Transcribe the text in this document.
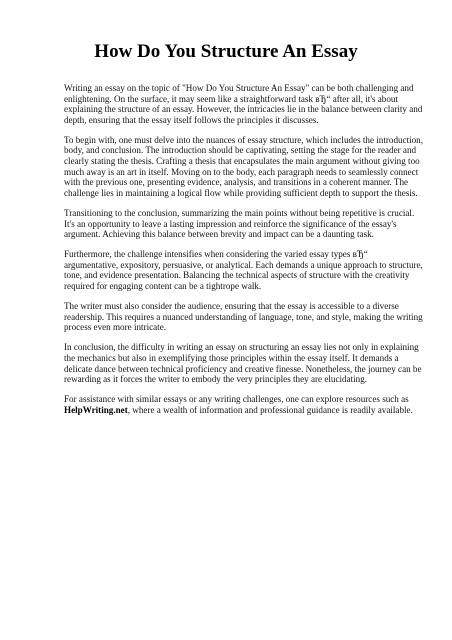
How Do You Structure An Essay

Writing an essay on the topic of "How Do You Structure An Essay" can be both challenging and enlightening. On the surface, it may seem like a straightforward task вЂ“ after all, it's about explaining the structure of an essay. However, the intricacies lie in the balance between clarity and depth, ensuring that the essay itself follows the principles it discusses.

To begin with, one must delve into the nuances of essay structure, which includes the introduction, body, and conclusion. The introduction should be captivating, setting the stage for the reader and clearly stating the thesis. Crafting a thesis that encapsulates the main argument without giving too much away is an art in itself. Moving on to the body, each paragraph needs to seamlessly connect with the previous one, presenting evidence, analysis, and transitions in a coherent manner. The challenge lies in maintaining a logical flow while providing sufficient depth to support the thesis.

Transitioning to the conclusion, summarizing the main points without being repetitive is crucial. It's an opportunity to leave a lasting impression and reinforce the significance of the essay's argument. Achieving this balance between brevity and impact can be a daunting task.

Furthermore, the challenge intensifies when considering the varied essay types вЂ“ argumentative, expository, persuasive, or analytical. Each demands a unique approach to structure, tone, and evidence presentation. Balancing the technical aspects of structure with the creativity required for engaging content can be a tightrope walk.

The writer must also consider the audience, ensuring that the essay is accessible to a diverse readership. This requires a nuanced understanding of language, tone, and style, making the writing process even more intricate.

In conclusion, the difficulty in writing an essay on structuring an essay lies not only in explaining the mechanics but also in exemplifying those principles within the essay itself. It demands a delicate dance between technical proficiency and creative finesse. Nonetheless, the journey can be rewarding as it forces the writer to embody the very principles they are elucidating.

For assistance with similar essays or any writing challenges, one can explore resources such as HelpWriting.net, where a wealth of information and professional guidance is readily available.
